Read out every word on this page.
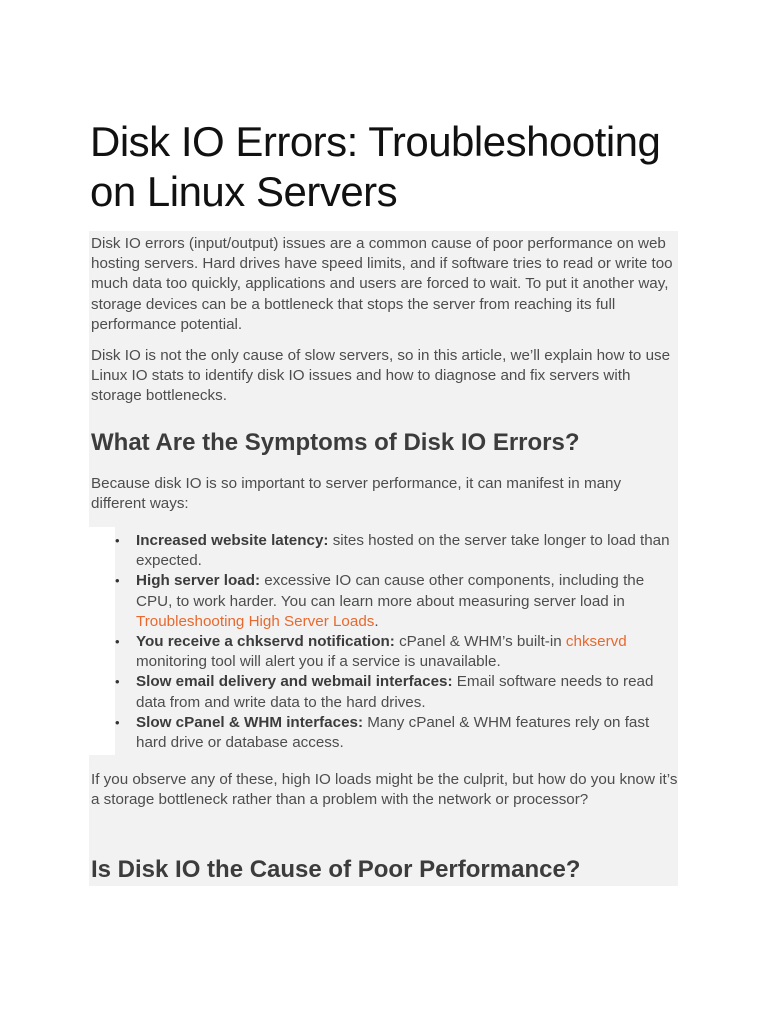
Disk IO Errors: Troubleshooting on Linux Servers

Disk IO errors (input/output) issues are a common cause of poor performance on web hosting servers. Hard drives have speed limits, and if software tries to read or write too much data too quickly, applications and users are forced to wait. To put it another way, storage devices can be a bottleneck that stops the server from reaching its full performance potential.

Disk IO is not the only cause of slow servers, so in this article, we’ll explain how to use Linux IO stats to identify disk IO issues and how to diagnose and fix servers with storage bottlenecks.

What Are the Symptoms of Disk IO Errors?

Because disk IO is so important to server performance, it can manifest in many different ways:

•	Increased website latency: sites hosted on the server take longer to load than expected.
•	High server load: excessive IO can cause other components, including the CPU, to work harder. You can learn more about measuring server load in Troubleshooting High Server Loads.
•	You receive a chkservd notification: cPanel & WHM’s built-in chkservd monitoring tool will alert you if a service is unavailable.
•	Slow email delivery and webmail interfaces: Email software needs to read data from and write data to the hard drives.
•	Slow cPanel & WHM interfaces: Many cPanel & WHM features rely on fast hard drive or database access.

If you observe any of these, high IO loads might be the culprit, but how do you know it’s a storage bottleneck rather than a problem with the network or processor?

Is Disk IO the Cause of Poor Performance?
